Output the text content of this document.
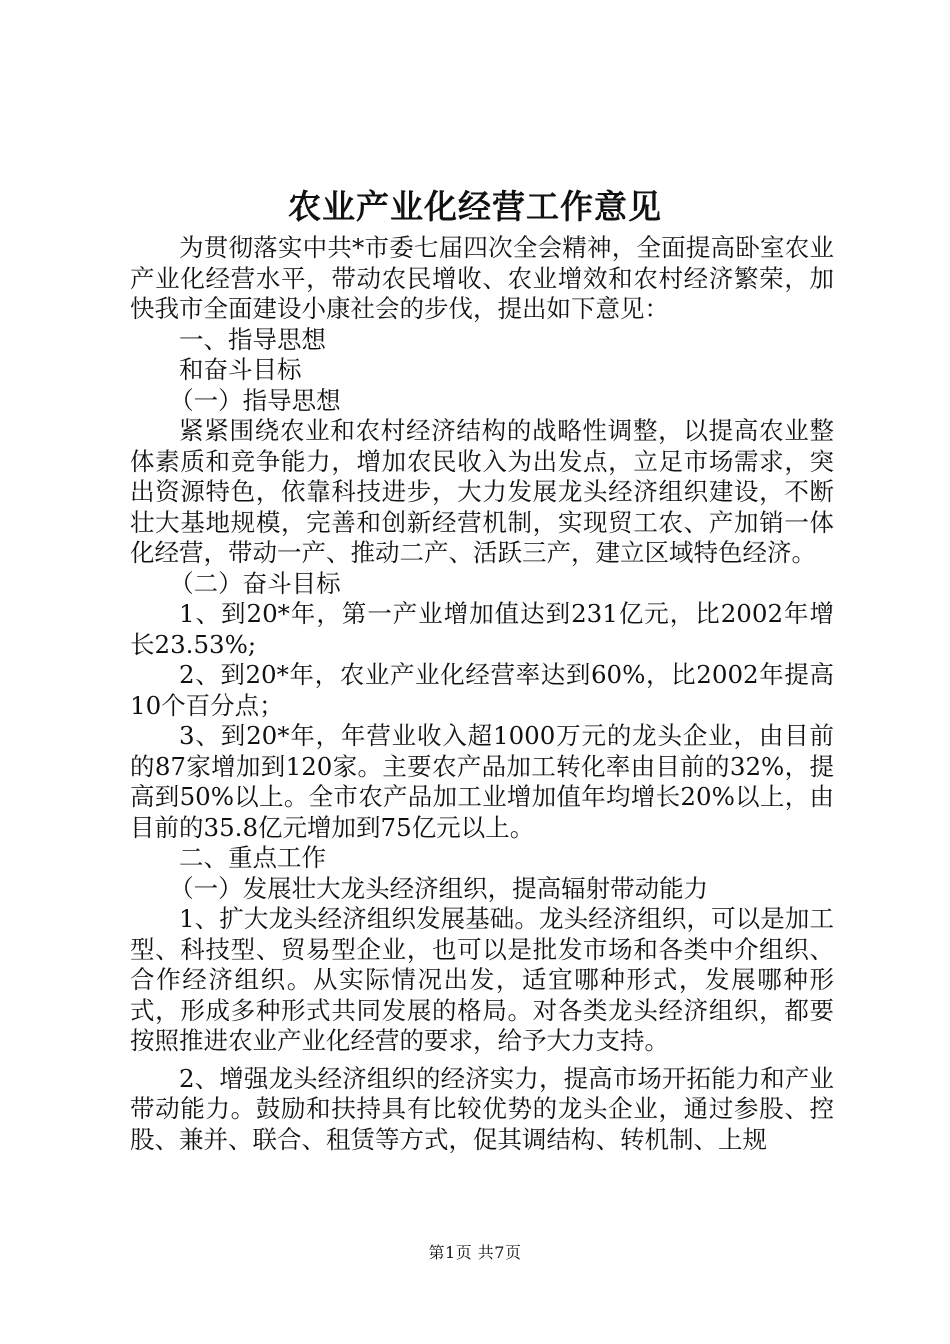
农业产业化经营工作意见

为贯彻落实中共*市委七届四次全会精神，全面提高卧室农业产业化经营水平，带动农民增收、农业增效和农村经济繁荣，加快我市全面建设小康社会的步伐，提出如下意见：

一、指导思想

和奋斗目标

（一）指导思想

紧紧围绕农业和农村经济结构的战略性调整，以提高农业整体素质和竞争能力，增加农民收入为出发点，立足市场需求，突出资源特色，依靠科技进步，大力发展龙头经济组织建设，不断壮大基地规模，完善和创新经营机制，实现贸工农、产加销一体化经营，带动一产、推动二产、活跃三产，建立区域特色经济。

（二）奋斗目标

1、到20*年，第一产业增加值达到231亿元，比2002年增长23.53%;

2、到20*年，农业产业化经营率达到60%，比2002年提高10个百分点；

3、到20*年，年营业收入超1000万元的龙头企业，由目前的87家增加到120家。主要农产品加工转化率由目前的32%，提高到50%以上。全市农产品加工业增加值年均增长20%以上，由目前的35.8亿元增加到75亿元以上。

二、重点工作

（一）发展壮大龙头经济组织，提高辐射带动能力

1、扩大龙头经济组织发展基础。龙头经济组织，可以是加工型、科技型、贸易型企业，也可以是批发市场和各类中介组织、合作经济组织。从实际情况出发，适宜哪种形式，发展哪种形式，形成多种形式共同发展的格局。对各类龙头经济组织，都要按照推进农业产业化经营的要求，给予大力支持。

2、增强龙头经济组织的经济实力，提高市场开拓能力和产业带动能力。鼓励和扶持具有比较优势的龙头企业，通过参股、控股、兼并、联合、租赁等方式，促其调结构、转机制、上规

第1页 共7页
